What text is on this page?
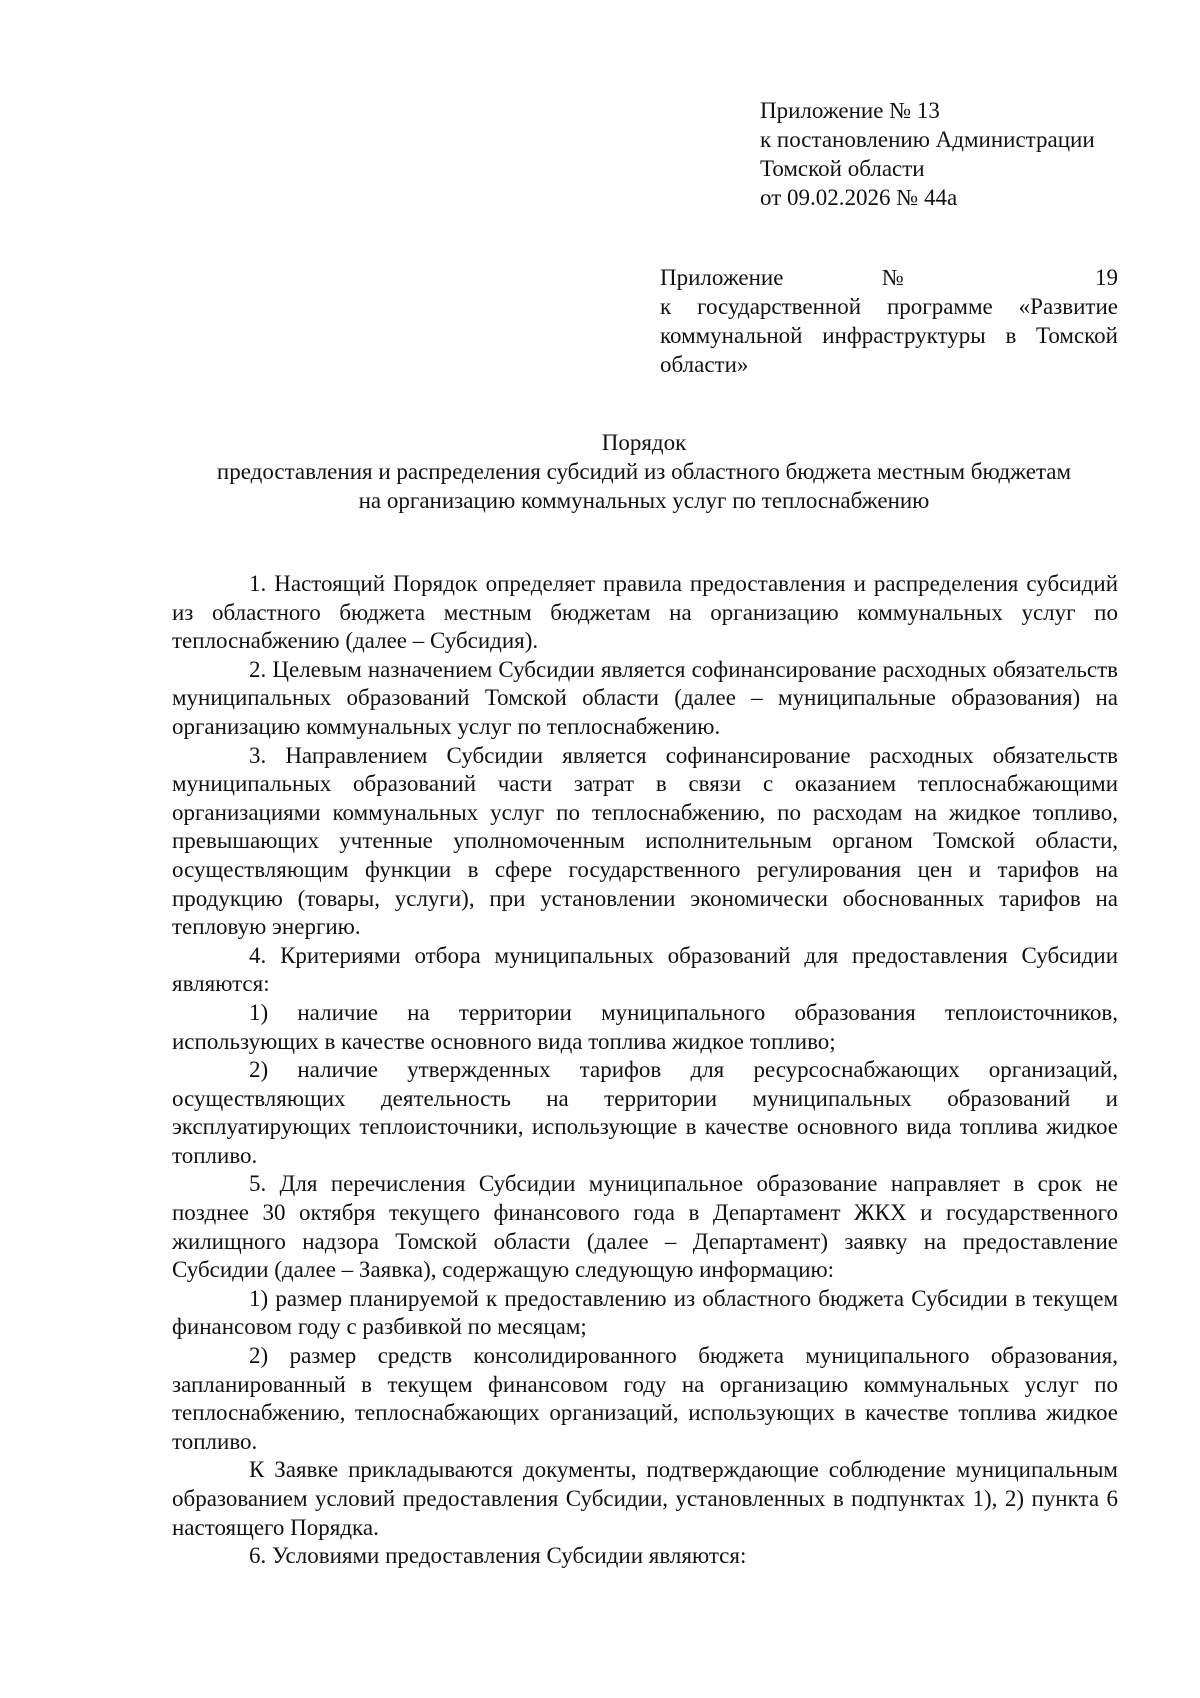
Приложение № 13
к постановлению Администрации
Томской области
от 09.02.2026 № 44а
Приложение № 19
к государственной программе «Развитие
коммунальной инфраструктуры в Томской
области»
Порядок
предоставления и распределения субсидий из областного бюджета местным бюджетам
на организацию коммунальных услуг по теплоснабжению

1. Настоящий Порядок определяет правила предоставления и распределения субсидий из областного бюджета местным бюджетам на организацию коммунальных услуг по теплоснабжению (далее – Субсидия).

2. Целевым назначением Субсидии является софинансирование расходных обязательств муниципальных образований Томской области (далее – муниципальные образования) на организацию коммунальных услуг по теплоснабжению.

3. Направлением Субсидии является софинансирование расходных обязательств муниципальных образований части затрат в связи с оказанием теплоснабжающими организациями коммунальных услуг по теплоснабжению, по расходам на жидкое топливо, превышающих учтенные уполномоченным исполнительным органом Томской области, осуществляющим функции в сфере государственного регулирования цен и тарифов на продукцию (товары, услуги), при установлении экономически обоснованных тарифов на тепловую энергию.

4. Критериями отбора муниципальных образований для предоставления Субсидии являются:

1) наличие на территории муниципального образования теплоисточников, использующих в качестве основного вида топлива жидкое топливо;

2) наличие утвержденных тарифов для ресурсоснабжающих организаций, осуществляющих деятельность на территории муниципальных образований и эксплуатирующих теплоисточники, использующие в качестве основного вида топлива жидкое топливо.

5. Для перечисления Субсидии муниципальное образование направляет в срок не позднее 30 октября текущего финансового года в Департамент ЖКХ и государственного жилищного надзора Томской области (далее – Департамент) заявку на предоставление Субсидии (далее – Заявка), содержащую следующую информацию:

1) размер планируемой к предоставлению из областного бюджета Субсидии в текущем финансовом году с разбивкой по месяцам;

2) размер средств консолидированного бюджета муниципального образования, запланированный в текущем финансовом году на организацию коммунальных услуг по теплоснабжению, теплоснабжающих организаций, использующих в качестве топлива жидкое топливо.

К Заявке прикладываются документы, подтверждающие соблюдение муниципальным образованием условий предоставления Субсидии, установленных в подпунктах 1), 2) пункта 6 настоящего Порядка.

6. Условиями предоставления Субсидии являются:
